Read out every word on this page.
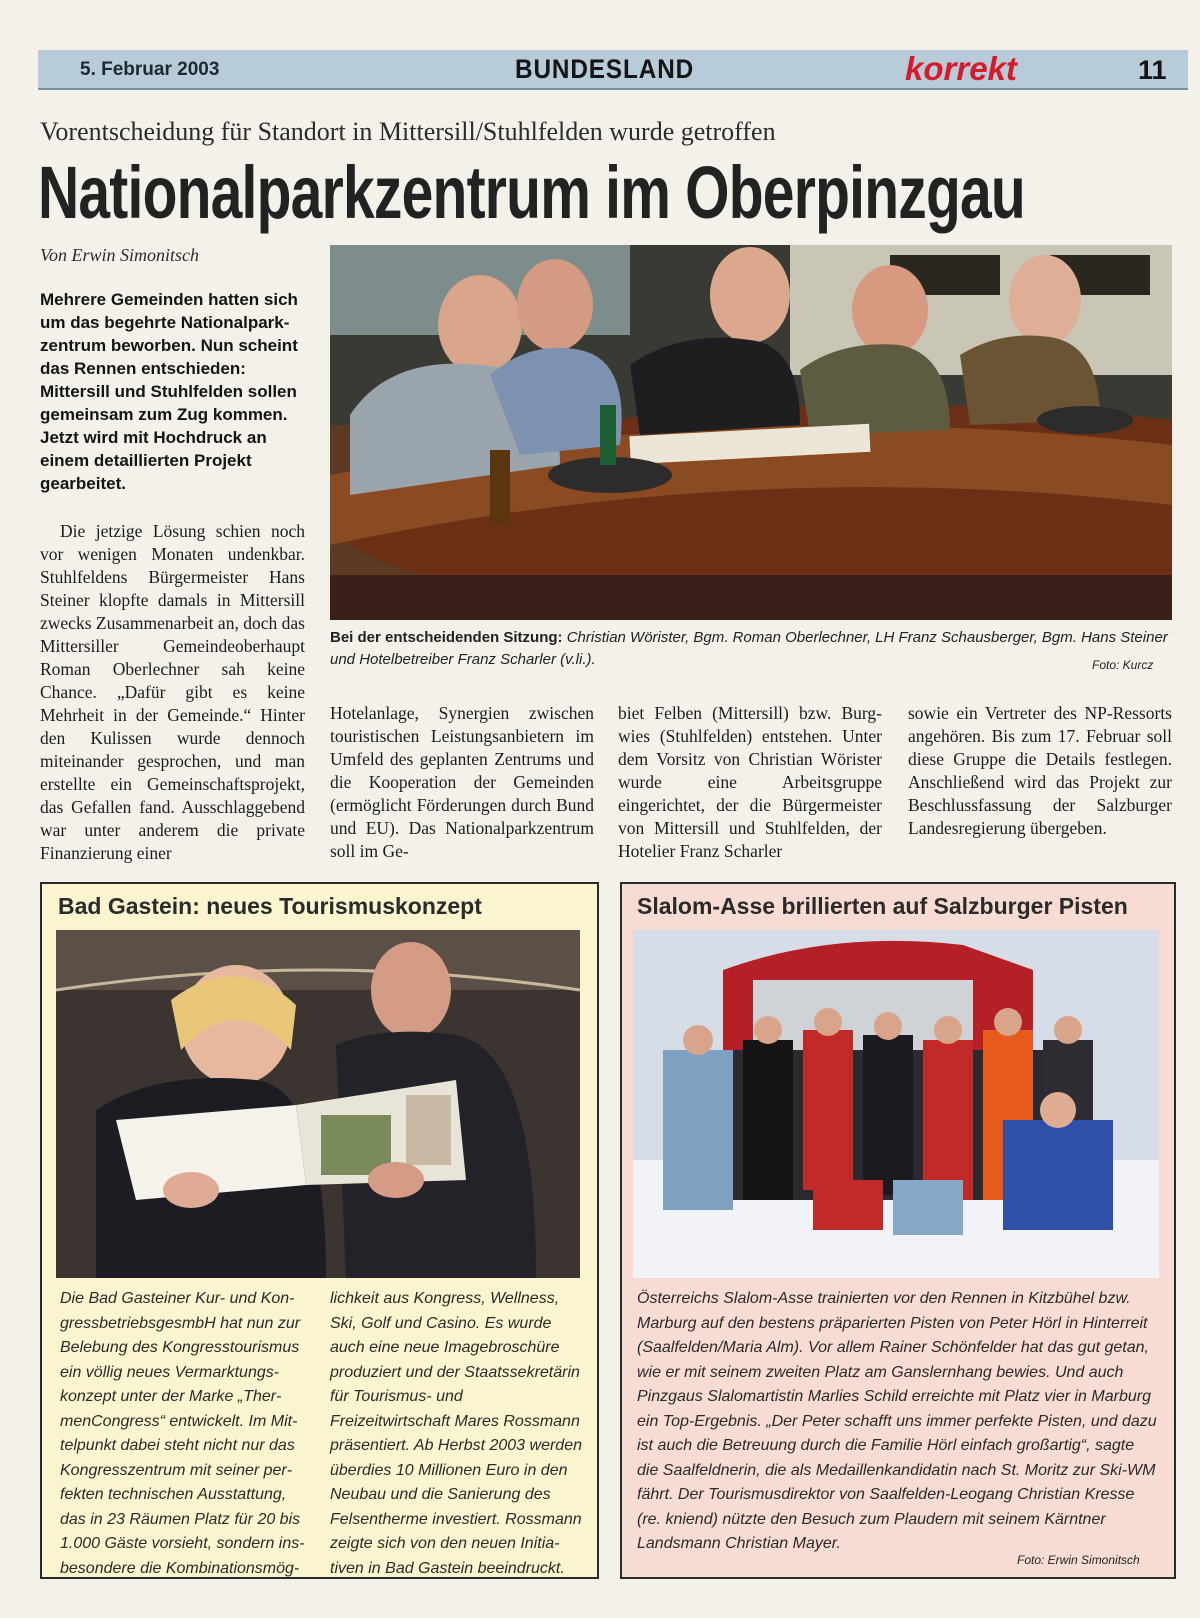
5. Februar 2003	BUNDESLAND	korrekt	11
Vorentscheidung für Standort in Mittersill/Stuhlfelden wurde getroffen
Nationalparkzentrum im Oberpinzgau
Von Erwin Simonitsch
Mehrere Gemeinden hatten sich um das begehrte Nationalparkzentrum beworben. Nun scheint das Rennen entschieden: Mittersill und Stuhlfelden sollen gemeinsam zum Zug kommen. Jetzt wird mit Hochdruck an einem detaillierten Projekt gearbeitet.
Bei der entscheidenden Sitzung: Christian Wörister, Bgm. Roman Oberlechner, LH Franz Schausberger, Bgm. Hans Steiner und Hotelbetreiber Franz Scharler (v.li.).	Foto: Kurcz
Die jetzige Lösung schien noch vor wenigen Monaten undenkbar. Stuhlfeldens Bürgermeister Hans Steiner klopfte damals in Mittersill zwecks Zusammenarbeit an, doch das Mittersiller Gemeindeoberhaupt Roman Oberlechner sah keine Chance. „Dafür gibt es keine Mehrheit in der Gemeinde.“ Hinter den Kulissen wurde dennoch miteinander gesprochen, und man erstellte ein Gemeinschaftsprojekt, das Gefallen fand. Ausschlaggebend war unter anderem die private Finanzierung einer
Hotelanlage, Synergien zwischen touristischen Leistungsanbietern im Umfeld des geplanten Zentrums und die Kooperation der Gemeinden (ermöglicht Förderungen durch Bund und EU). Das Nationalparkzentrum soll im Ge-
biet Felben (Mittersill) bzw. Burgwies (Stuhlfelden) entstehen. Unter dem Vorsitz von Christian Wörister wurde eine Arbeitsgruppe eingerichtet, der die Bürgermeister von Mittersill und Stuhlfelden, der Hotelier Franz Scharler
sowie ein Vertreter des NP-Ressorts angehören. Bis zum 17. Februar soll diese Gruppe die Details festlegen. Anschließend wird das Projekt zur Beschlussfassung der Salzburger Landesregierung übergeben.
Bad Gastein: neues Tourismuskonzept
Die Bad Gasteiner Kur- und KongressbetriebsgesmbH hat nun zur Belebung des Kongresstourismus ein völlig neues Vermarktungskonzept unter der Marke „ThermenCongress“ entwickelt. Im Mittelpunkt dabei steht nicht nur das Kongresszentrum mit seiner perfekten technischen Ausstattung, das in 23 Räumen Platz für 20 bis 1.000 Gäste vorsieht, sondern insbesondere die Kombinationsmög-
lichkeit aus Kongress, Wellness, Ski, Golf und Casino. Es wurde auch eine neue Imagebroschüre produziert und der Staatssekretärin für Tourismus- und Freizeitwirtschaft Mares Rossmann präsentiert. Ab Herbst 2003 werden überdies 10 Millionen Euro in den Neubau und die Sanierung des Felsentherme investiert. Rossmann zeigte sich von den neuen Initiativen in Bad Gastein beeindruckt.
Slalom-Asse brillierten auf Salzburger Pisten
Österreichs Slalom-Asse trainierten vor den Rennen in Kitzbühel bzw. Marburg auf den bestens präparierten Pisten von Peter Hörl in Hinterreit (Saalfelden/Maria Alm). Vor allem Rainer Schönfelder hat das gut getan, wie er mit seinem zweiten Platz am Ganslernhang bewies. Und auch Pinzgaus Slalomartistin Marlies Schild erreichte mit Platz vier in Marburg ein Top-Ergebnis. „Der Peter schafft uns immer perfekte Pisten, und dazu ist auch die Betreuung durch die Familie Hörl einfach großartig“, sagte die Saalfeldnerin, die als Medaillenkandidatin nach St. Moritz zur Ski-WM fährt. Der Tourismusdirektor von Saalfelden-Leogang Christian Kresse (re. kniend) nützte den Besuch zum Plaudern mit seinem Kärntner Landsmann Christian Mayer.
Foto: Erwin Simonitsch
